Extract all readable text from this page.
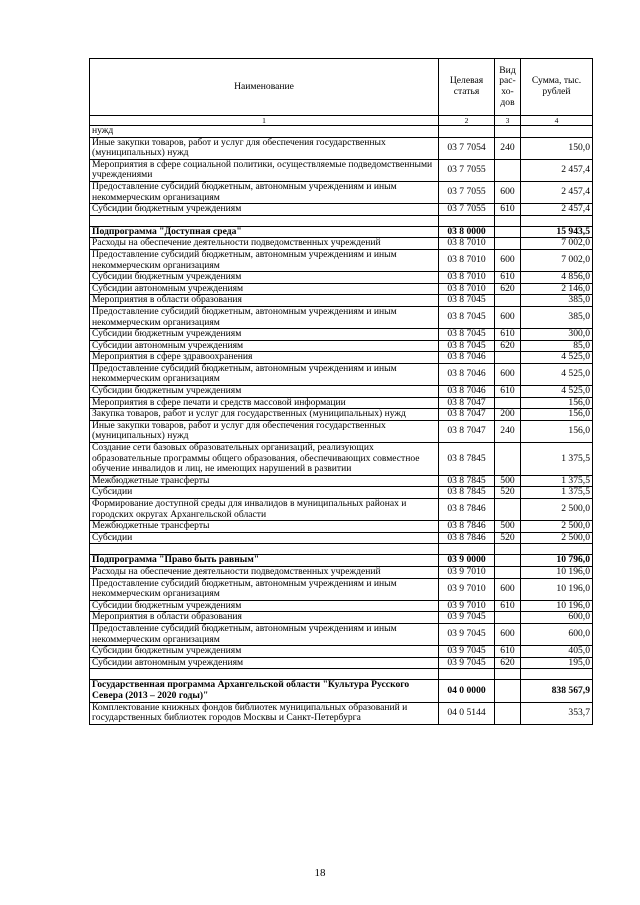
Наименование	Целевая статья	Вид рас-хо-дов	Сумма, тыс. рублей
1	2	3	4
нужд			
Иные закупки товаров, работ и услуг для обеспечения государственных (муниципальных) нужд	03 7 7054	240	150,0
Мероприятия в сфере социальной политики, осуществляемые подведомственными учреждениями	03 7 7055		2 457,4
Предоставление субсидий бюджетным, автономным учреждениям и иным некоммерческим организациям	03 7 7055	600	2 457,4
Субсидии бюджетным учреждениям	03 7 7055	610	2 457,4

Подпрограмма "Доступная среда"	03 8 0000		15 943,5
Расходы на обеспечение деятельности подведомственных учреждений	03 8 7010		7 002,0
Предоставление субсидий бюджетным, автономным учреждениям и иным некоммерческим организациям	03 8 7010	600	7 002,0
Субсидии бюджетным учреждениям	03 8 7010	610	4 856,0
Субсидии автономным учреждениям	03 8 7010	620	2 146,0
Мероприятия в области образования	03 8 7045		385,0
Предоставление субсидий бюджетным, автономным учреждениям и иным некоммерческим организациям	03 8 7045	600	385,0
Субсидии бюджетным учреждениям	03 8 7045	610	300,0
Субсидии автономным учреждениям	03 8 7045	620	85,0
Мероприятия в сфере здравоохранения	03 8 7046		4 525,0
Предоставление субсидий бюджетным, автономным учреждениям и иным некоммерческим организациям	03 8 7046	600	4 525,0
Субсидии бюджетным учреждениям	03 8 7046	610	4 525,0
Мероприятия в сфере печати и средств массовой информации	03 8 7047		156,0
Закупка товаров, работ и услуг для государственных (муниципальных) нужд	03 8 7047	200	156,0
Иные закупки товаров, работ и услуг для обеспечения государственных (муниципальных) нужд	03 8 7047	240	156,0
Создание сети базовых образовательных организаций, реализующих образовательные программы общего образования, обеспечивающих совместное обучение инвалидов и лиц, не имеющих нарушений в развитии	03 8 7845		1 375,5
Межбюджетные трансферты	03 8 7845	500	1 375,5
Субсидии	03 8 7845	520	1 375,5
Формирование доступной среды для инвалидов в муниципальных районах и городских округах Архангельской области	03 8 7846		2 500,0
Межбюджетные трансферты	03 8 7846	500	2 500,0
Субсидии	03 8 7846	520	2 500,0

Подпрограмма "Право быть равным"	03 9 0000		10 796,0
Расходы на обеспечение деятельности подведомственных учреждений	03 9 7010		10 196,0
Предоставление субсидий бюджетным, автономным учреждениям и иным некоммерческим организациям	03 9 7010	600	10 196,0
Субсидии бюджетным учреждениям	03 9 7010	610	10 196,0
Мероприятия в области образования	03 9 7045		600,0
Предоставление субсидий бюджетным, автономным учреждениям и иным некоммерческим организациям	03 9 7045	600	600,0
Субсидии бюджетным учреждениям	03 9 7045	610	405,0
Субсидии автономным учреждениям	03 9 7045	620	195,0

Государственная программа Архангельской области "Культура Русского Севера (2013 – 2020 годы)"	04 0 0000		838 567,9
Комплектование книжных фондов библиотек муниципальных образований и государственных библиотек городов Москвы и Санкт-Петербурга	04 0 5144		353,7
18
